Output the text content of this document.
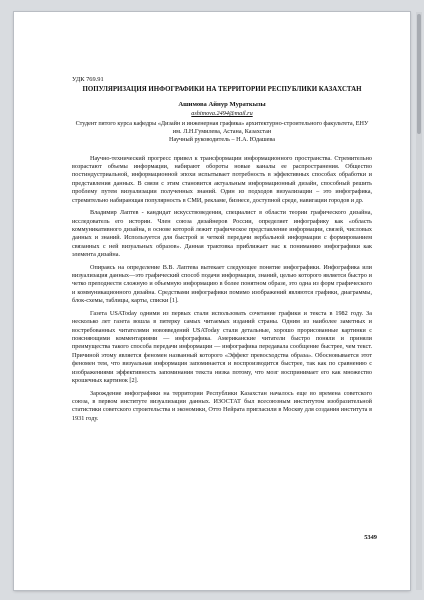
УДК 769.91
ПОПУЛЯРИЗАЦИЯ ИНФОГРАФИКИ НА ТЕРРИТОРИИ РЕСПУБЛИКИ КАЗАХСТАН
Ашимова Айнур Мураткызы
ashimova.2494@mail.ru
Студент пятого курса кафедры «Дизайн и инженерная графика» архитектурно-строительного факультета, ЕНУ им. Л.Н.Гумилева, Астана, Казахстан
Научный руководитель – Н.А. Юдашева

Научно-технический прогресс привел к трансформации информационного пространства. Стремительно возрастают объемы информации, набирают обороты новые каналы ее распространения. Общество постиндустриальной, информационной эпохи испытывает потребность в эффективных способах обработки и представления данных. В связи с этим становится актуальным информационный дизайн, способный решить проблему путем визуализации полученных знаний. Один из подходов визуализации – это инфографика, стремительно набирающая популярность в СМИ, рекламе, бизнесе, доступной среде, навигации городов и др.

Владимир Лаптев - кандидат искусствоведения, специалист в области теории графического дизайна, исследователь его истории. Член союза дизайнеров России, определяет инфографику как «область коммуникативного дизайна, в основе которой лежит графическое представление информации, связей, числовых данных и знаний. Используется для быстрой и четкой передачи вербальной информации с формированием связанных с ней визуальных образов». Данная трактовка приближает нас к пониманию инфографики как элемента дизайна.

Опираясь на определение В.В. Лаптева вытекает следующее понятие инфографики. Инфографика или визуализация данных—это графический способ подачи информации, знаний, целью которого является быстро и четко преподнести сложную и объемную информацию в более понятном образе, это одна из форм графического и коммуникационного дизайна. Средствами инфографики помимо изображений являются графики, диаграммы, блок-схемы, таблицы, карты, списки [1].

Газета USAToday одними из первых стали использовать сочетание графики и текста в 1982 году. За несколько лет газета вошла в пятерку самых читаемых изданий страны. Одним из наиболее заметных и востребованных читателями нововведений USAToday стали детальные, хорошо прорисованные картинки с поясняющими комментариями — инфографика. Американские читатели быстро поняли и приняли преимущества такого способа передачи информации — инфографика передавала сообщение быстрее, чем текст. Причиной этому является феномен названный которого «Эффект превосходства образа». Обосновывается этот феномен тем, что визуальная информация запоминается и воспроизводится быстрее, так как по сравнению с изображениями эффективность запоминания текста низка потому, что мозг воспринимает его как множество крошечных картинок [2].

Зарождение инфографики на территории Республики Казахстан началось еще во времена советского союза, в первом институте визуализации данных. ИЗОСТАТ был всесоюзным институтом изобразительной статистики советского строительства и экономики, Отто Нейрата пригласили в Москву для создания института в 1931 году.

5349
